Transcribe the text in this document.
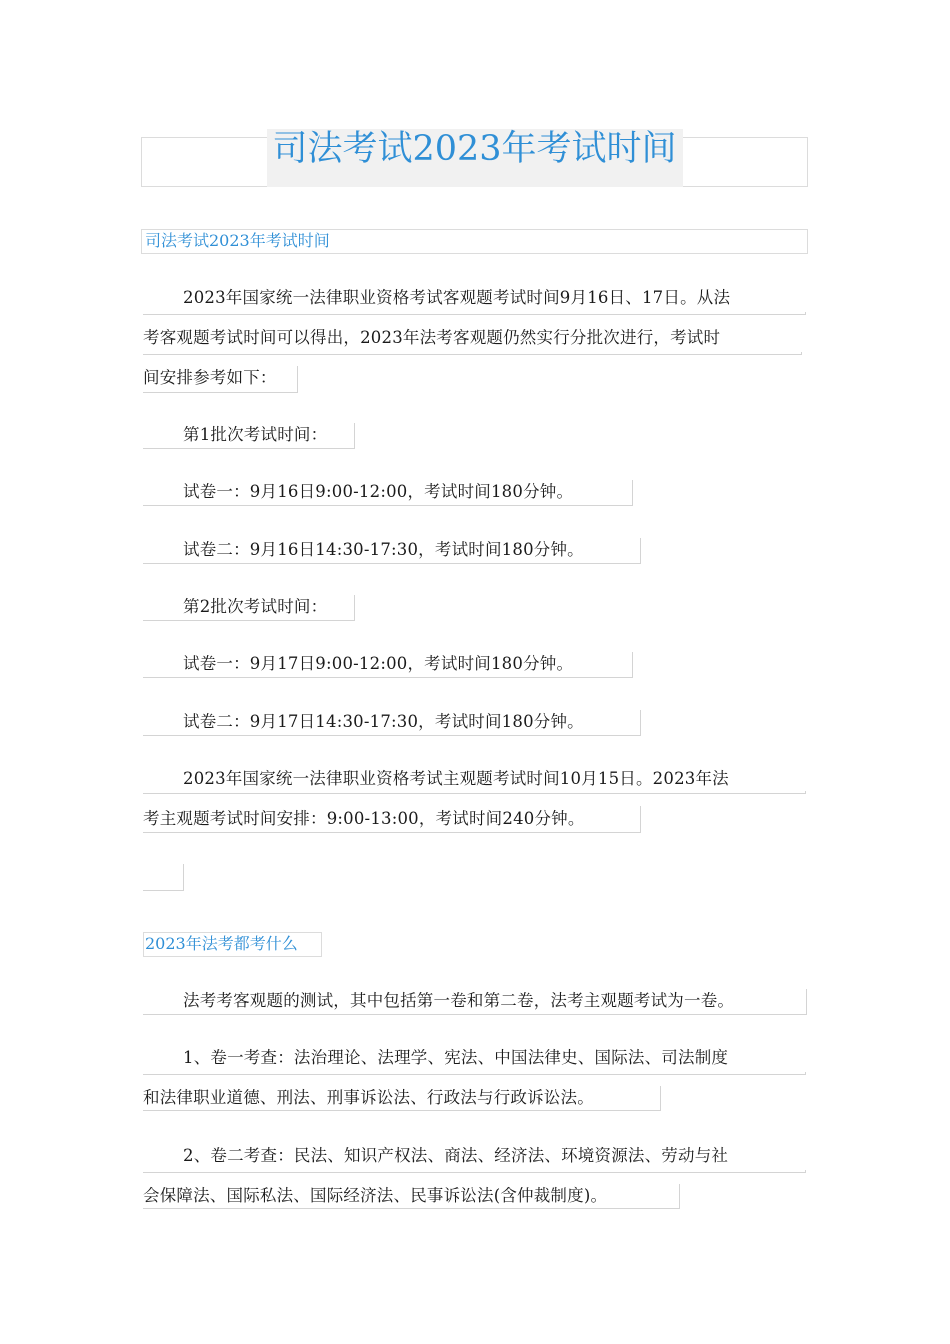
司法考试2023年考试时间
司法考试2023年考试时间
2023年国家统一法律职业资格考试客观题考试时间9月16日、17日。从法
考客观题考试时间可以得出，2023年法考客观题仍然实行分批次进行，考试时
间安排参考如下：
第1批次考试时间：
试卷一：9月16日9:00-12:00，考试时间180分钟。
试卷二：9月16日14:30-17:30，考试时间180分钟。
第2批次考试时间：
试卷一：9月17日9:00-12:00，考试时间180分钟。
试卷二：9月17日14:30-17:30，考试时间180分钟。
2023年国家统一法律职业资格考试主观题考试时间10月15日。2023年法
考主观题考试时间安排：9:00-13:00，考试时间240分钟。
2023年法考都考什么
法考考客观题的测试，其中包括第一卷和第二卷，法考主观题考试为一卷。
1、卷一考查：法治理论、法理学、宪法、中国法律史、国际法、司法制度
和法律职业道德、刑法、刑事诉讼法、行政法与行政诉讼法。
2、卷二考查：民法、知识产权法、商法、经济法、环境资源法、劳动与社
会保障法、国际私法、国际经济法、民事诉讼法(含仲裁制度)。
